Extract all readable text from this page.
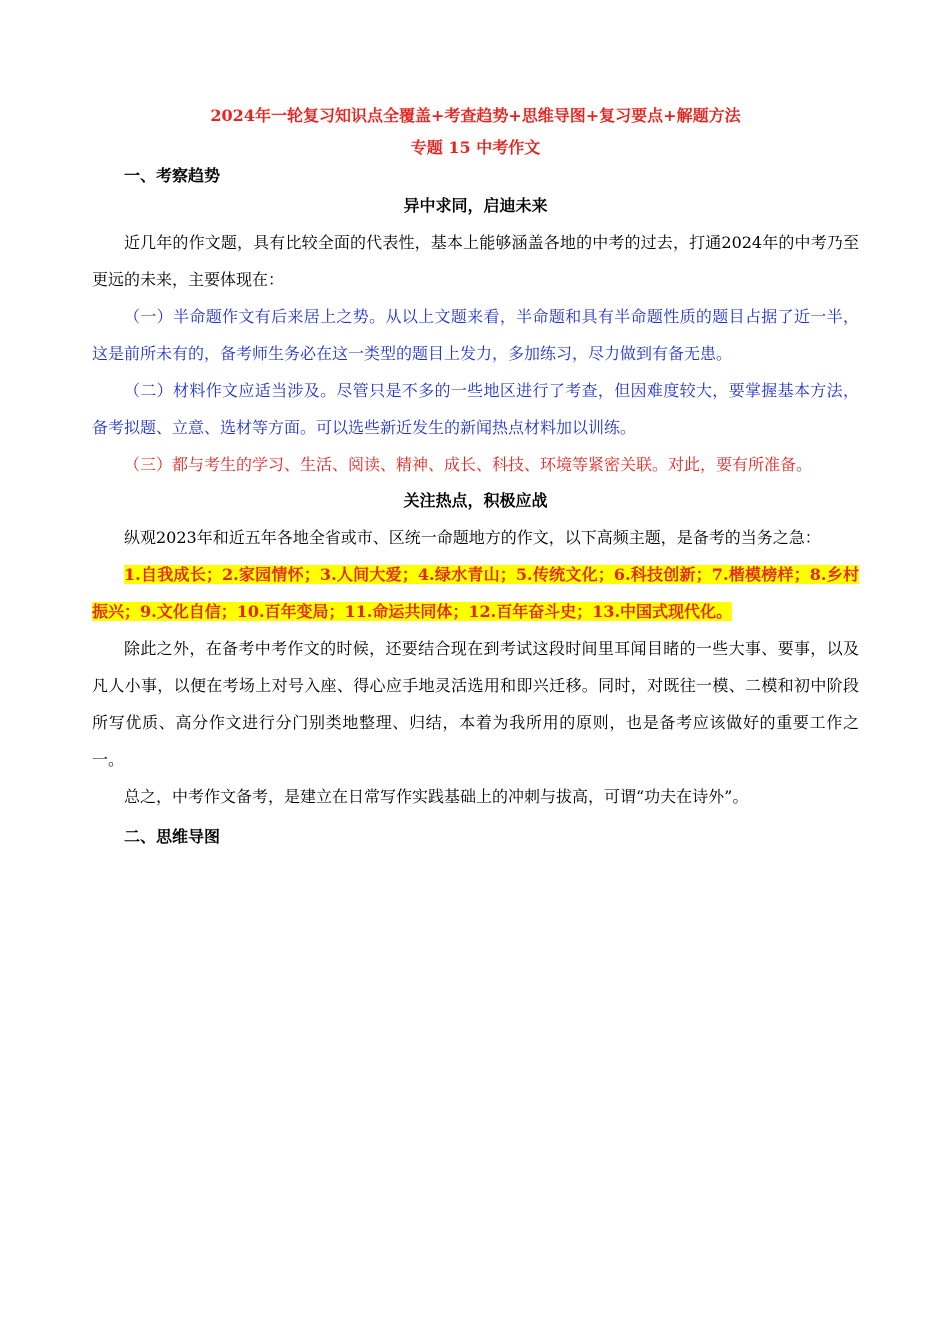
2024年一轮复习知识点全覆盖+考查趋势+思维导图+复习要点+解题方法
专题 15 中考作文
一、考察趋势
异中求同，启迪未来

近几年的作文题，具有比较全面的代表性，基本上能够涵盖各地的中考的过去，打通2024年的中考乃至更远的未来，主要体现在：

（一）半命题作文有后来居上之势。从以上文题来看，半命题和具有半命题性质的题目占据了近一半，这是前所未有的，备考师生务必在这一类型的题目上发力，多加练习，尽力做到有备无患。

（二）材料作文应适当涉及。尽管只是不多的一些地区进行了考查，但因难度较大，要掌握基本方法，备考拟题、立意、选材等方面。可以选些新近发生的新闻热点材料加以训练。

（三）都与考生的学习、生活、阅读、精神、成长、科技、环境等紧密关联。对此，要有所准备。

关注热点，积极应战

纵观2023年和近五年各地全省或市、区统一命题地方的作文，以下高频主题，是备考的当务之急：

1.自我成长；2.家园情怀；3.人间大爱；4.绿水青山；5.传统文化；6.科技创新；7.楷模榜样；8.乡村振兴；9.文化自信；10.百年变局；11.命运共同体；12.百年奋斗史；13.中国式现代化。

除此之外，在备考中考作文的时候，还要结合现在到考试这段时间里耳闻目睹的一些大事、要事，以及凡人小事，以便在考场上对号入座、得心应手地灵活选用和即兴迁移。同时，对既往一模、二模和初中阶段所写优质、高分作文进行分门别类地整理、归结，本着为我所用的原则，也是备考应该做好的重要工作之一。

总之，中考作文备考，是建立在日常写作实践基础上的冲刺与拔高，可谓“功夫在诗外”。

二、思维导图
